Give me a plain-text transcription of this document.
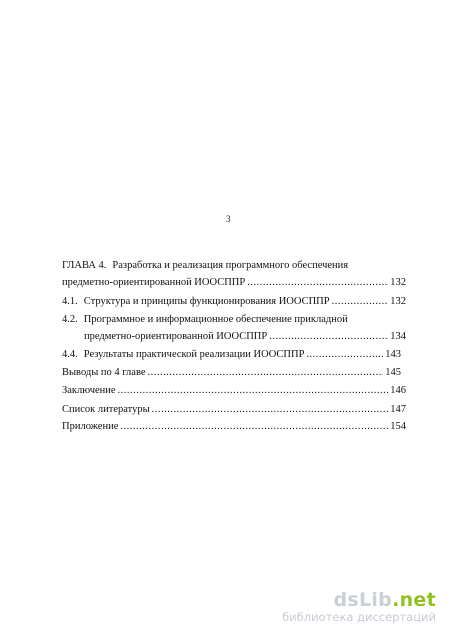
3
ГЛАВА 4. Разработка и реализация программного обеспечения
предметно-ориентированной ИООСППР .....	132
4.1. Структура и принципы функционирования ИООСППР .....	132
4.2. Программное и информационное обеспечение прикладной
предметно-ориентированной ИООСППР .....	134
4.4. Результаты практической реализации ИООСППР .....	143
Выводы по 4 главе .....	145
Заключение .....	146
Список литературы .....	147
Приложение .....	154
dsLib.net
библиотека диссертаций
